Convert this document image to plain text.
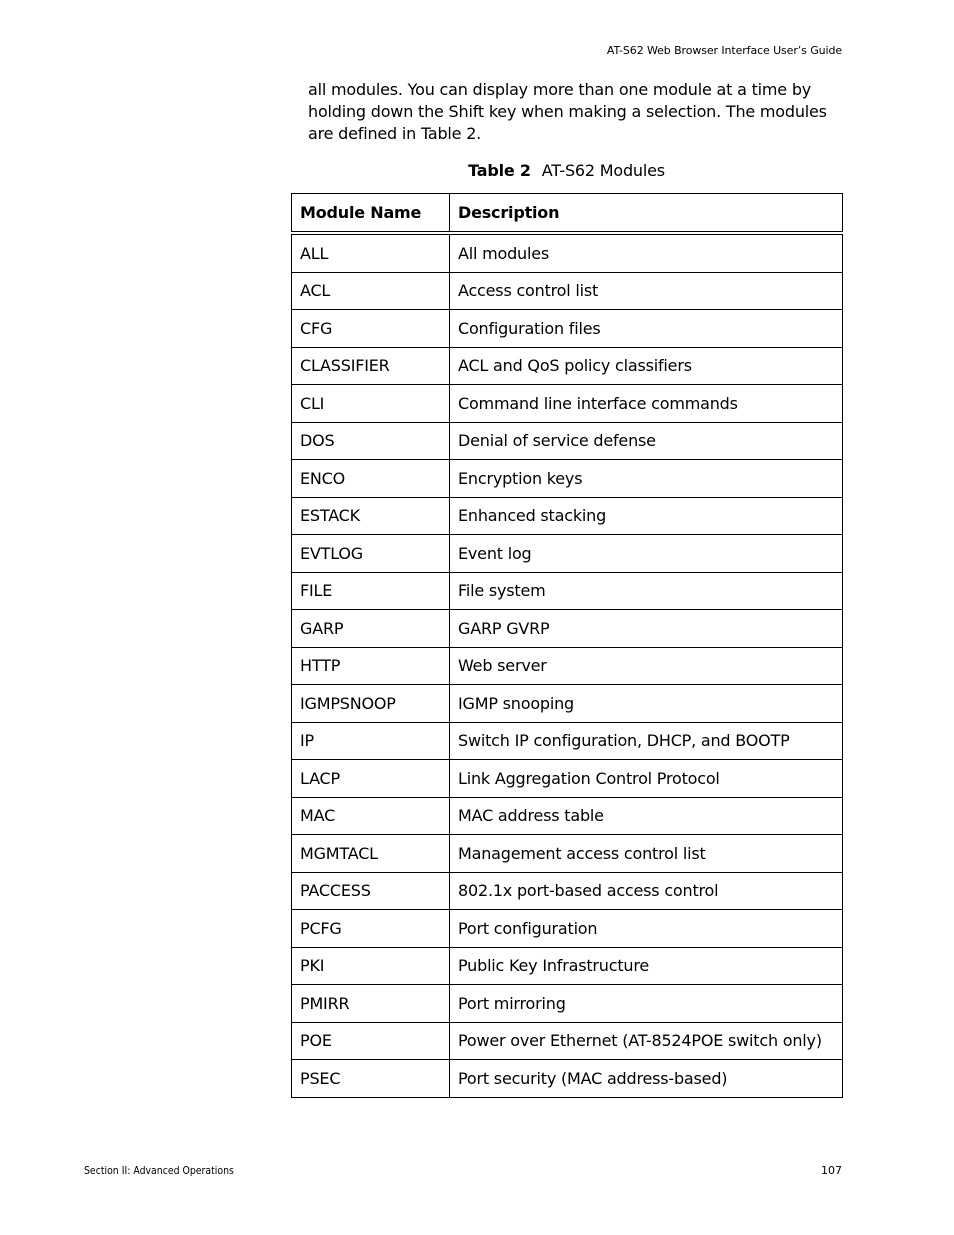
AT-S62 Web Browser Interface User’s Guide

all modules. You can display more than one module at a time by holding down the Shift key when making a selection. The modules are defined in Table 2.

Table 2 AT-S62 Modules
Module Name	Description
ALL	All modules
ACL	Access control list
CFG	Configuration files
CLASSIFIER	ACL and QoS policy classifiers
CLI	Command line interface commands
DOS	Denial of service defense
ENCO	Encryption keys
ESTACK	Enhanced stacking
EVTLOG	Event log
FILE	File system
GARP	GARP GVRP
HTTP	Web server
IGMPSNOOP	IGMP snooping
IP	Switch IP configuration, DHCP, and BOOTP
LACP	Link Aggregation Control Protocol
MAC	MAC address table
MGMTACL	Management access control list
PACCESS	802.1x port-based access control
PCFG	Port configuration
PKI	Public Key Infrastructure
PMIRR	Port mirroring
POE	Power over Ethernet (AT-8524POE switch only)
PSEC	Port security (MAC address-based)
Section II: Advanced Operations	107
